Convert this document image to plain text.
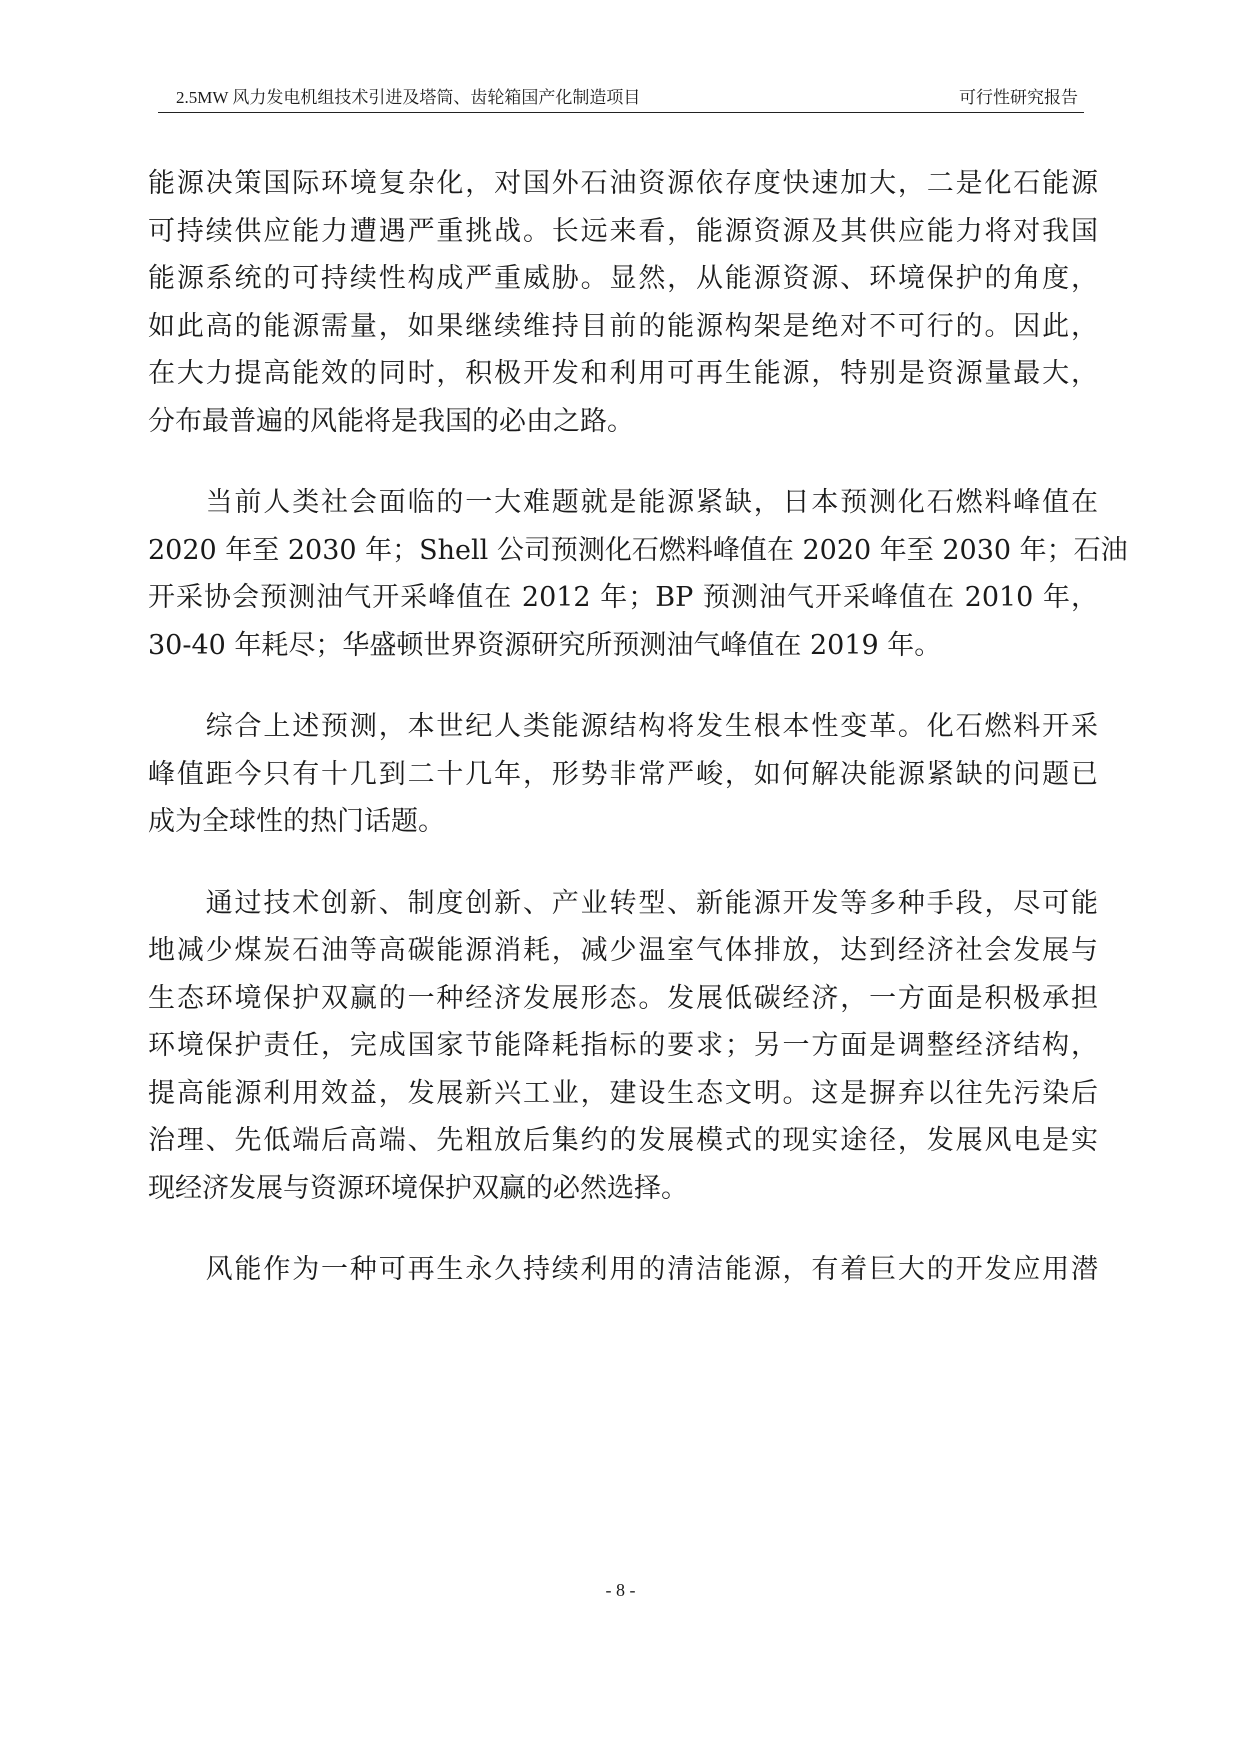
2.5MW 风力发电机组技术引进及塔筒、齿轮箱国产化制造项目	可行性研究报告
能源决策国际环境复杂化，对国外石油资源依存度快速加大，二是化石能源
可持续供应能力遭遇严重挑战。长远来看，能源资源及其供应能力将对我国
能源系统的可持续性构成严重威胁。显然，从能源资源、环境保护的角度，
如此高的能源需量，如果继续维持目前的能源构架是绝对不可行的。因此，
在大力提高能效的同时，积极开发和利用可再生能源，特别是资源量最大，
分布最普遍的风能将是我国的必由之路。
　　当前人类社会面临的一大难题就是能源紧缺，日本预测化石燃料峰值在
2020 年至 2030 年；Shell 公司预测化石燃料峰值在 2020 年至 2030 年；石油
开采协会预测油气开采峰值在 2012 年；BP 预测油气开采峰值在 2010 年，
30-40 年耗尽；华盛顿世界资源研究所预测油气峰值在 2019 年。
　　综合上述预测，本世纪人类能源结构将发生根本性变革。化石燃料开采
峰值距今只有十几到二十几年，形势非常严峻，如何解决能源紧缺的问题已
成为全球性的热门话题。
　　通过技术创新、制度创新、产业转型、新能源开发等多种手段，尽可能
地减少煤炭石油等高碳能源消耗，减少温室气体排放，达到经济社会发展与
生态环境保护双赢的一种经济发展形态。发展低碳经济，一方面是积极承担
环境保护责任，完成国家节能降耗指标的要求；另一方面是调整经济结构，
提高能源利用效益，发展新兴工业，建设生态文明。这是摒弃以往先污染后
治理、先低端后高端、先粗放后集约的发展模式的现实途径，发展风电是实
现经济发展与资源环境保护双赢的必然选择。
　　风能作为一种可再生永久持续利用的清洁能源，有着巨大的开发应用潜
- 8 -
